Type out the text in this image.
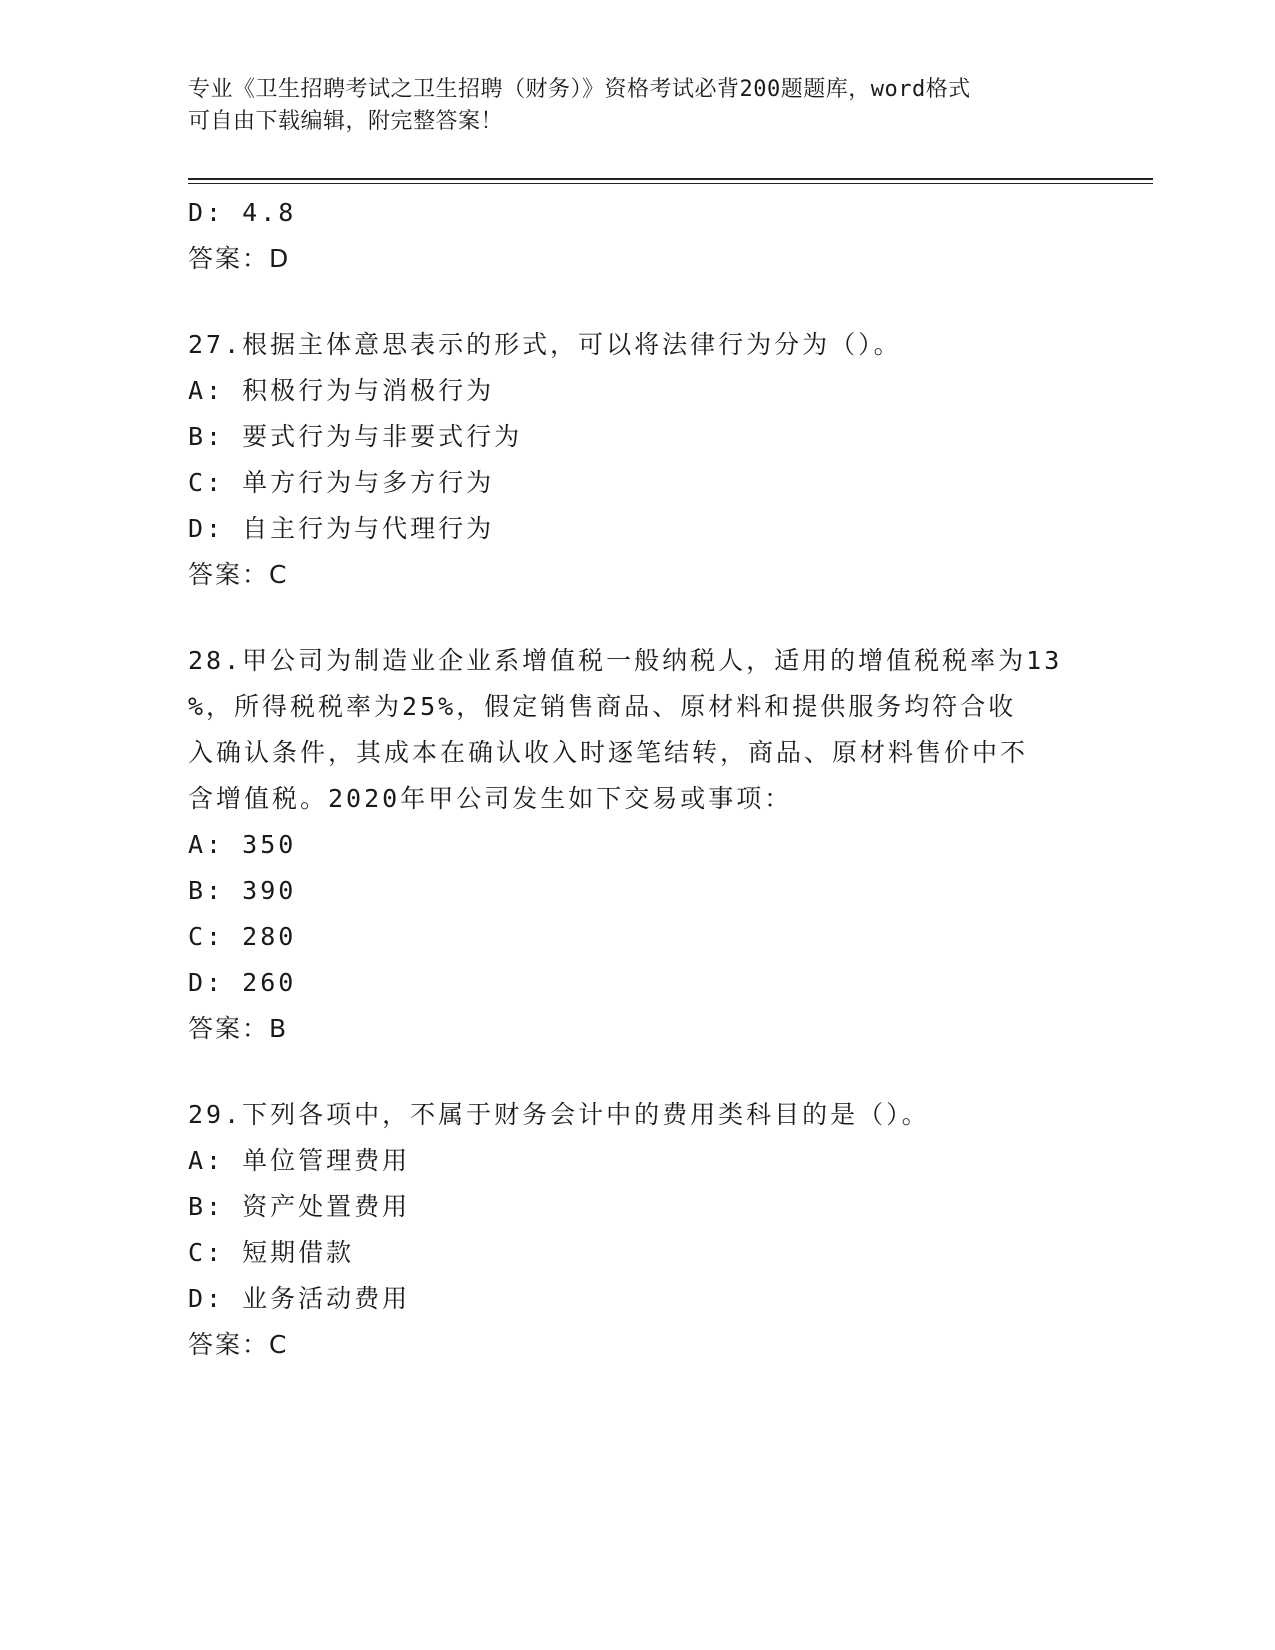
专业《卫生招聘考试之卫生招聘（财务）》资格考试必背200题题库，word格式
可自由下载编辑，附完整答案！

D: 4.8

答案：D

27.根据主体意思表示的形式，可以将法律行为分为（）。

A: 积极行为与消极行为

B: 要式行为与非要式行为

C: 单方行为与多方行为

D: 自主行为与代理行为

答案：C

28.甲公司为制造业企业系增值税一般纳税人，适用的增值税税率为13

%，所得税税率为25%，假定销售商品、原材料和提供服务均符合收

入确认条件，其成本在确认收入时逐笔结转，商品、原材料售价中不

含增值税。2020年甲公司发生如下交易或事项：

A: 350

B: 390

C: 280

D: 260

答案：B

29.下列各项中，不属于财务会计中的费用类科目的是（）。

A: 单位管理费用

B: 资产处置费用

C: 短期借款

D: 业务活动费用

答案：C
